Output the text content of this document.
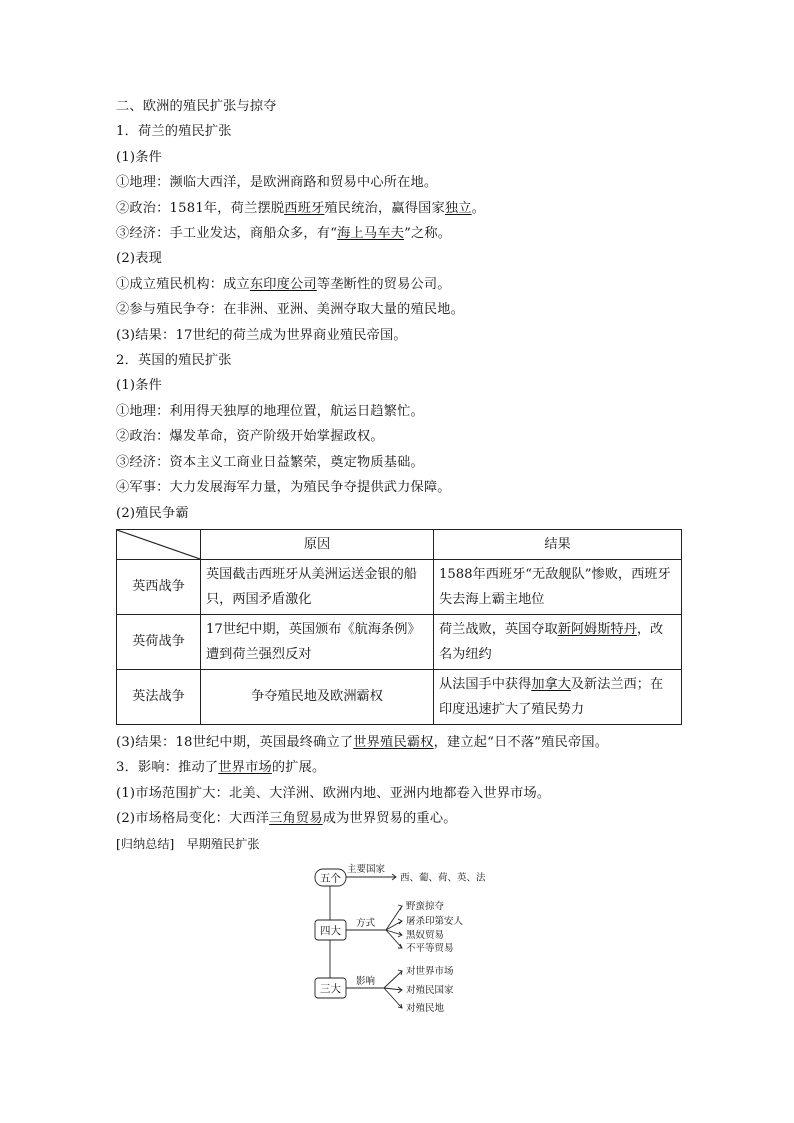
二、欧洲的殖民扩张与掠夺
1．荷兰的殖民扩张
(1)条件
①地理：濒临大西洋，是欧洲商路和贸易中心所在地。
②政治：1581年，荷兰摆脱西班牙殖民统治，赢得国家独立。
③经济：手工业发达，商船众多，有“海上马车夫”之称。
(2)表现
①成立殖民机构：成立东印度公司等垄断性的贸易公司。
②参与殖民争夺：在非洲、亚洲、美洲夺取大量的殖民地。
(3)结果：17世纪的荷兰成为世界商业殖民帝国。
2．英国的殖民扩张
(1)条件
①地理：利用得天独厚的地理位置，航运日趋繁忙。
②政治：爆发革命，资产阶级开始掌握政权。
③经济：资本主义工商业日益繁荣，奠定物质基础。
④军事：大力发展海军力量，为殖民争夺提供武力保障。
(2)殖民争霸
	原因	结果
英西战争	英国截击西班牙从美洲运送金银的船只，两国矛盾激化	1588年西班牙“无敌舰队”惨败，西班牙失去海上霸主地位
英荷战争	17世纪中期，英国颁布《航海条例》遭到荷兰强烈反对	荷兰战败，英国夺取新阿姆斯特丹，改名为纽约
英法战争	争夺殖民地及欧洲霸权	从法国手中获得加拿大及新法兰西；在印度迅速扩大了殖民势力
(3)结果：18世纪中期，英国最终确立了世界殖民霸权，建立起“日不落”殖民帝国。
3．影响：推动了世界市场的扩展。
(1)市场范围扩大：北美、大洋洲、欧洲内地、亚洲内地都卷入世界市场。
(2)市场格局变化：大西洋三角贸易成为世界贸易的重心。
[归纳总结]　早期殖民扩张
五个
主要国家
西、葡、荷、英、法
四大
方式
野蛮掠夺
屠杀印第安人
黑奴贸易
不平等贸易
三大
影响
对世界市场
对殖民国家
对殖民地
